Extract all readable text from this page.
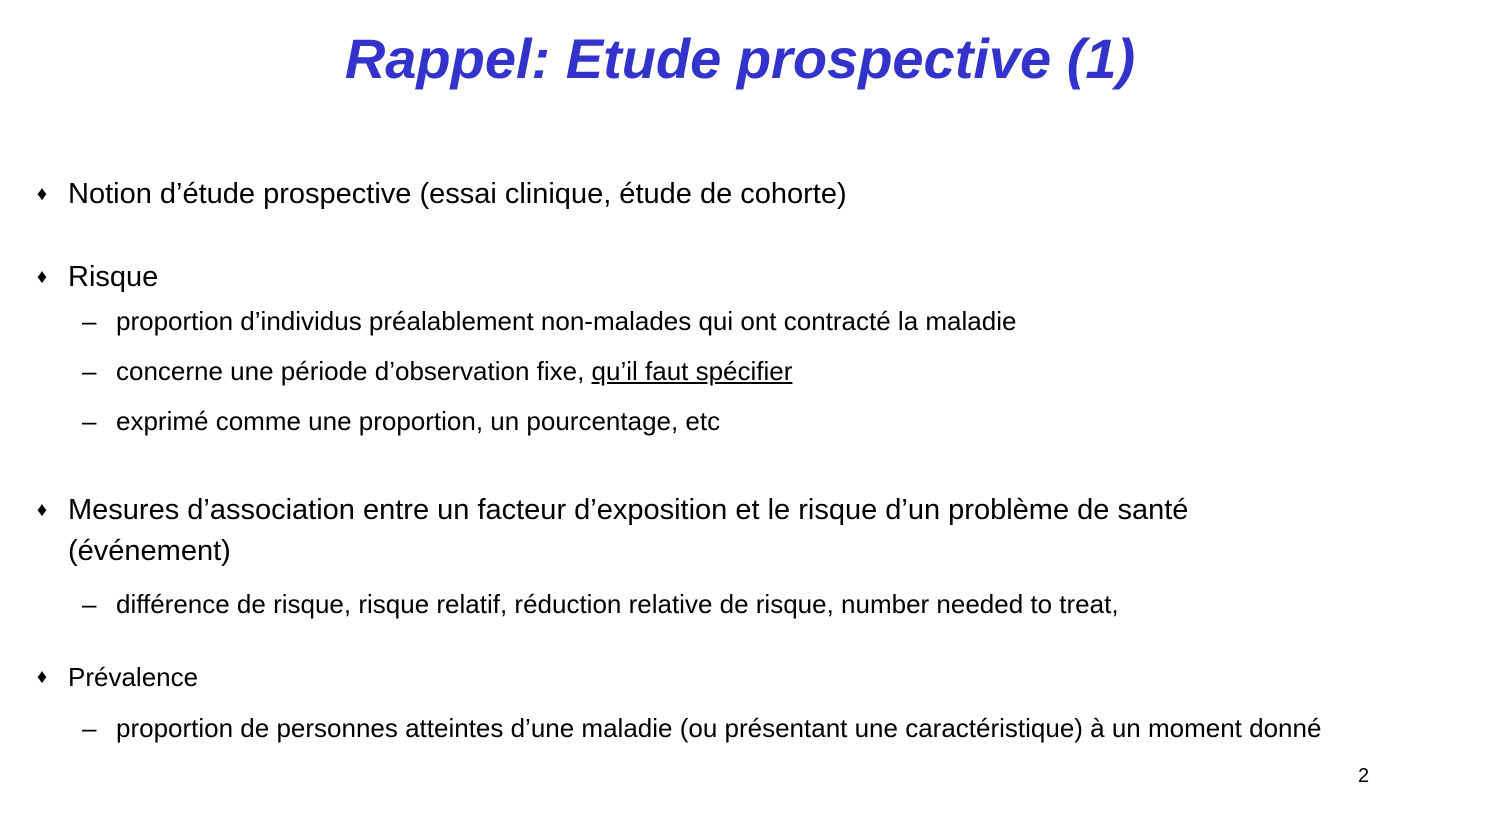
Rappel: Etude prospective (1)
♦ Notion d’étude prospective (essai clinique, étude de cohorte)
♦ Risque
– proportion d’individus préalablement non-malades qui ont contracté la maladie
– concerne une période d’observation fixe, qu’il faut spécifier
– exprimé comme une proportion, un pourcentage, etc
♦ Mesures d’association entre un facteur d’exposition et le risque d’un problème de santé
(événement)
– différence de risque, risque relatif, réduction relative de risque, number needed to treat,
♦ Prévalence
– proportion de personnes atteintes d’une maladie (ou présentant une caractéristique) à un moment donné
2
